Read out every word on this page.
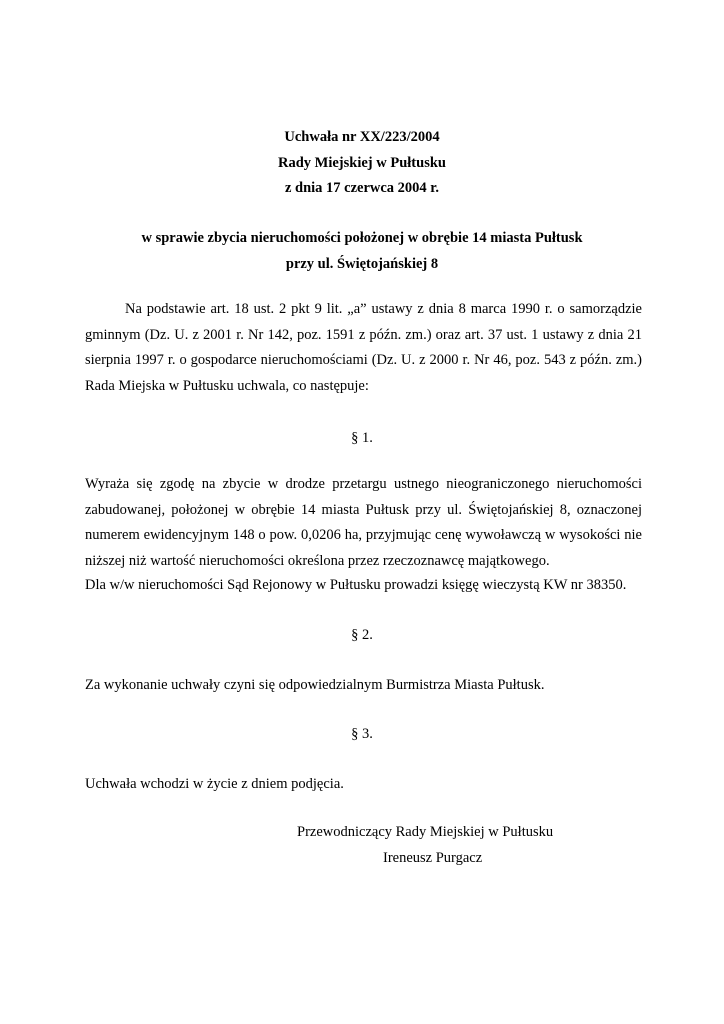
Uchwała nr XX/223/2004
Rady Miejskiej w Pułtusku
z dnia 17 czerwca 2004 r.
w sprawie zbycia nieruchomości położonej w obrębie 14 miasta Pułtusk
przy ul. Świętojańskiej 8
Na podstawie art. 18 ust. 2 pkt 9 lit. „a” ustawy z dnia 8 marca 1990 r. o samorządzie gminnym (Dz. U. z 2001 r. Nr 142, poz. 1591 z późn. zm.) oraz art. 37 ust. 1 ustawy z dnia 21 sierpnia 1997 r. o gospodarce nieruchomościami (Dz. U. z 2000 r. Nr 46, poz. 543 z późn. zm.) Rada Miejska w Pułtusku uchwala, co następuje:
§ 1.
Wyraża się zgodę na zbycie w drodze przetargu ustnego nieograniczonego nieruchomości zabudowanej, położonej w obrębie 14 miasta Pułtusk przy ul. Świętojańskiej 8, oznaczonej numerem ewidencyjnym 148 o pow. 0,0206 ha, przyjmując cenę wywoławczą w wysokości nie niższej niż wartość nieruchomości określona przez rzeczoznawcę majątkowego.
Dla w/w nieruchomości Sąd Rejonowy w Pułtusku prowadzi księgę wieczystą KW nr 38350.
§ 2.
Za wykonanie uchwały czyni się odpowiedzialnym Burmistrza Miasta Pułtusk.
§ 3.
Uchwała wchodzi w życie z dniem podjęcia.
Przewodniczący Rady Miejskiej w Pułtusku
Ireneusz Purgacz
